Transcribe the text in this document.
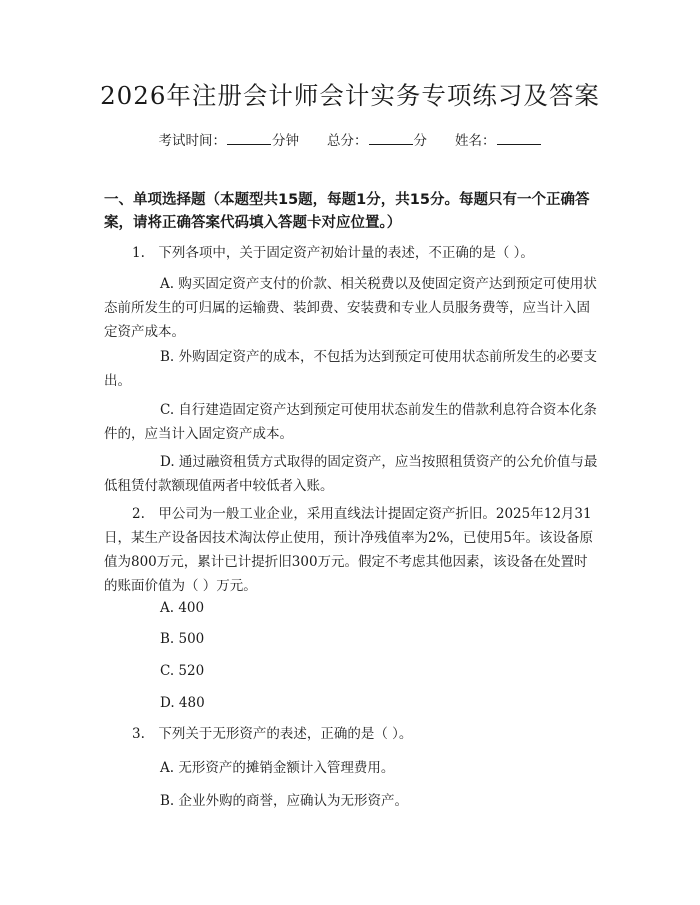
2026年注册会计师会计实务专项练习及答案
考试时间：	分钟 总分：	分 姓名：
一、单项选择题（本题型共15题，每题1分，共15分。每题只有一个正确答案，请将正确答案代码填入答题卡对应位置。）
1.　下列各项中，关于固定资产初始计量的表述，不正确的是（ ）。
A. 购买固定资产支付的价款、相关税费以及使固定资产达到预定可使用状态前所发生的可归属的运输费、装卸费、安装费和专业人员服务费等，应当计入固定资产成本。
B. 外购固定资产的成本，不包括为达到预定可使用状态前所发生的必要支出。
C. 自行建造固定资产达到预定可使用状态前发生的借款利息符合资本化条件的，应当计入固定资产成本。
D. 通过融资租赁方式取得的固定资产，应当按照租赁资产的公允价值与最低租赁付款额现值两者中较低者入账。
2.　甲公司为一般工业企业，采用直线法计提固定资产折旧。2025年12月31日，某生产设备因技术淘汰停止使用，预计净残值率为2%，已使用5年。该设备原值为800万元，累计已计提折旧300万元。假定不考虑其他因素，该设备在处置时的账面价值为（ ）万元。
A. 400
B. 500
C. 520
D. 480
3.　下列关于无形资产的表述，正确的是（ ）。
A. 无形资产的摊销金额计入管理费用。
B. 企业外购的商誉，应确认为无形资产。
